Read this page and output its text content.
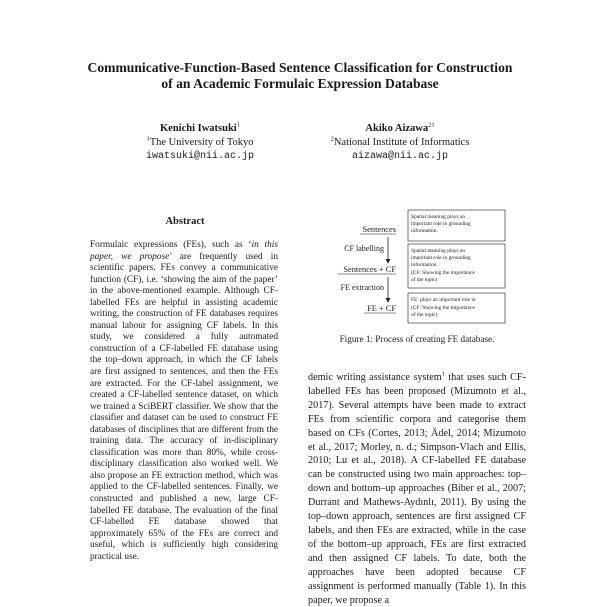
Communicative-Function-Based Sentence Classification for Construction
of an Academic Formulaic Expression Database
Kenichi Iwatsuki$^1$
$^1$The University of Tokyo
iwatsuki@nii.ac.jp
Akiko Aizawa$^{21}$
$^2$National Institute of Informatics
aizawa@nii.ac.jp
Abstract

Formulaic expressions (FEs), such as ‘in this paper, we propose’ are frequently used in scientific papers. FEs convey a communicative function (CF), i.e. ‘showing the aim of the paper’ in the above-mentioned example. Although CF-labelled FEs are helpful in assisting academic writing, the construction of FE databases requires manual labour for assigning CF labels. In this study, we considered a fully automated construction of a CF-labelled FE database using the top–down approach, in which the CF labels are first assigned to sentences, and then the FEs are extracted. For the CF-label assignment, we created a CF-labelled sentence dataset, on which we trained a SciBERT classifier. We show that the classifier and dataset can be used to construct FE databases of disciplines that are different from the training data. The accuracy of in-disciplinary classification was more than 80%, while cross-disciplinary classification also worked well. We also propose an FE extraction method, which was applied to the CF-labelled sentences. Finally, we constructed and published a new, large CF-labelled FE database. The evaluation of the final CF-labelled FE database showed that approximately 65% of the FEs are correct and useful, which is sufficiently high considering practical use.

Sentences
Sentences + CF
FE + CF
CF labelling
FE extraction
Spatial meaning plays an
important role in grounding
information.
Spatial meaning plays an
important role in grounding
information.
(CF: Showing the importance
of the topic)
FE: plays an important role in
(CF: Showing the importance
of the topic)
Figure 1: Process of creating FE database.

demic writing assistance system$^1$ that uses such CF-labelled FEs has been proposed (Mizumoto et al., 2017). Several attempts have been made to extract FEs from scientific corpora and categorise them based on CFs (Cortes, 2013; Ädel, 2014; Mizumoto et al., 2017; Morley, n. d.; Simpson-Vlach and Ellis, 2010; Lu et al., 2018). A CF-labelled FE database can be constructed using two main approaches: top–down and bottom–up approaches (Biber et al., 2007; Durrant and Mathews-Aydınlı, 2011). By using the top–down approach, sentences are first assigned CF labels, and then FEs are extracted, while in the case of the bottom–up approach, FEs are first extracted and then assigned CF labels. To date, both the approaches have been adopted because CF assignment is performed manually (Table 1). In this paper, we propose a
